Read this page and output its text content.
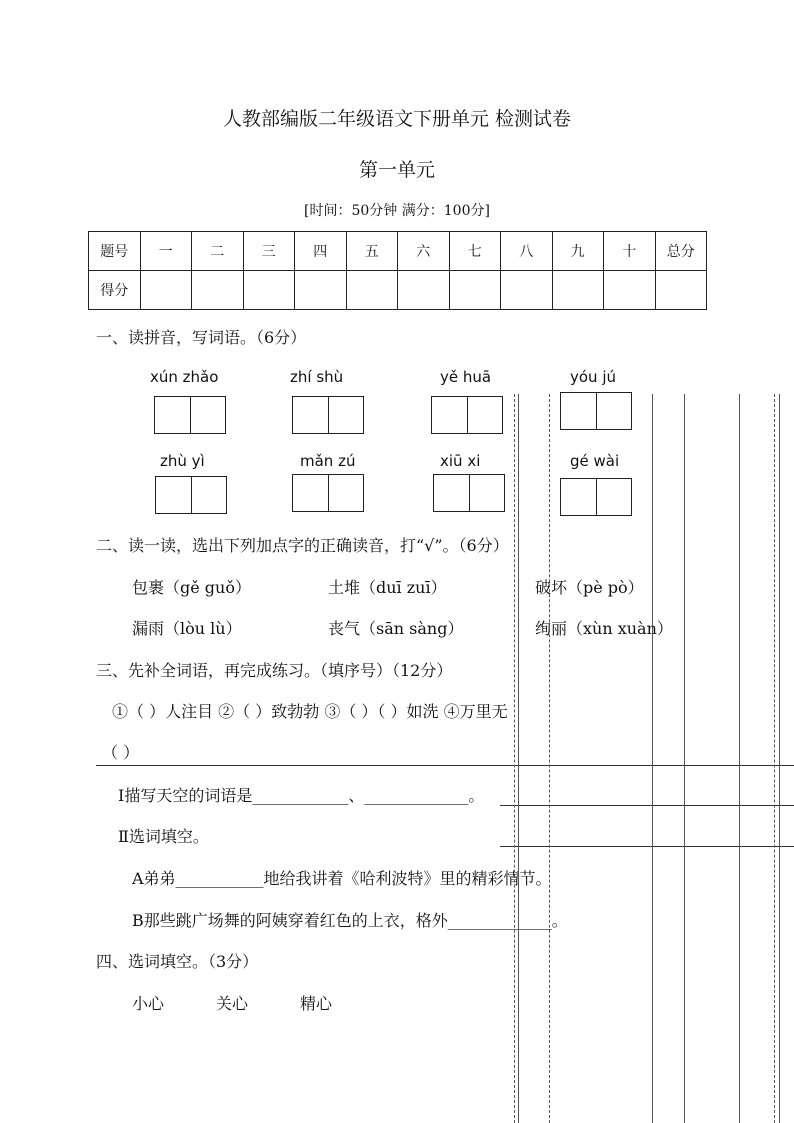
人教部编版二年级语文下册单元 检测试卷
第一单元
[时间：50分钟 满分：100分]
题号	一	二	三	四	五	六	七	八	九	十	总分
得分											
一、读拼音，写词语。（6分）
xún zhǎo	zhí shù	yě huā	yóu jú
zhù yì	mǎn zú	xiū xi	gé wài
二、读一读，选出下列加点字的正确读音，打“√”。（6分）
包裹（gě guǒ）	土堆（duī zuī）	破坏（pè pò）
漏雨（lòu lù）	丧气（sān sàng）	绚丽（xùn xuàn）
三、先补全词语，再完成练习。（填序号）（12分）
①（ ）人注目 ②（ ）致勃勃 ③（ ）（ ）如洗 ④万里无
（ ）
Ⅰ描写天空的词语是____________、_____________。
Ⅱ选词填空。
A弟弟___________地给我讲着《哈利波特》里的精彩情节。
B那些跳广场舞的阿姨穿着红色的上衣，格外_____________。
四、选词填空。（3分）
小心	关心	精心
